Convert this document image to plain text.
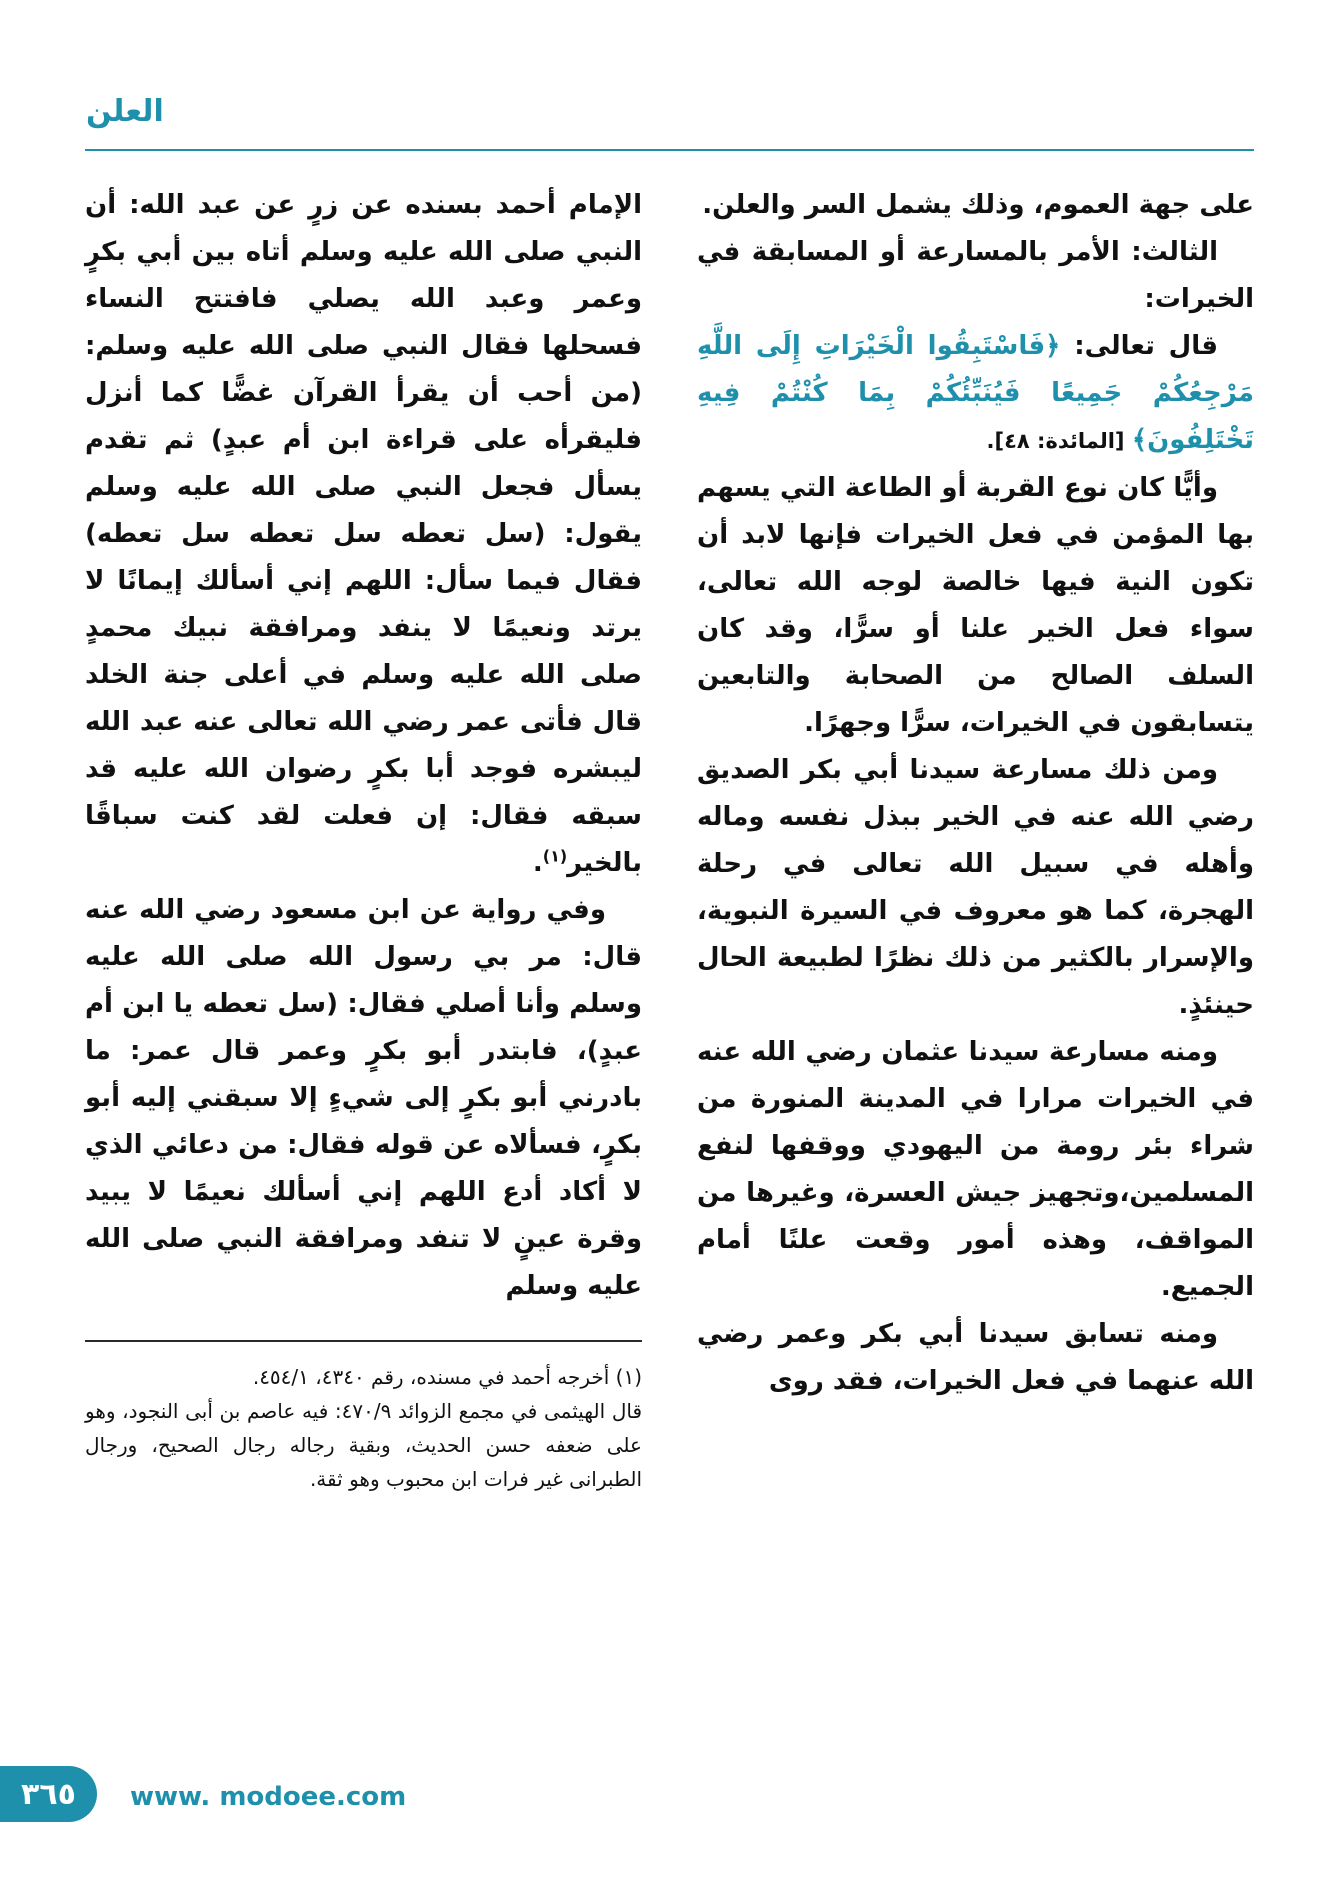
العلن

على جهة العموم، وذلك يشمل السر والعلن.

الثالث: الأمر بالمسارعة أو المسابقة في الخيرات:

قال تعالى: ﴿فَاسْتَبِقُوا الْخَيْرَاتِ إِلَى اللَّهِ مَرْجِعُكُمْ جَمِيعًا فَيُنَبِّئُكُمْ بِمَا كُنْتُمْ فِيهِ تَخْتَلِفُونَ﴾ [المائدة: ٤٨].

وأيًّا كان نوع القربة أو الطاعة التي يسهم بها المؤمن في فعل الخيرات فإنها لابد أن تكون النية فيها خالصة لوجه الله تعالى، سواء فعل الخير علنا أو سرًّا، وقد كان السلف الصالح من الصحابة والتابعين يتسابقون في الخيرات، سرًّا وجهرًا.

ومن ذلك مسارعة سيدنا أبي بكر الصديق رضي الله عنه في الخير ببذل نفسه وماله وأهله في سبيل الله تعالى في رحلة الهجرة، كما هو معروف في السيرة النبوية، والإسرار بالكثير من ذلك نظرًا لطبيعة الحال حينئذٍ.

ومنه مسارعة سيدنا عثمان رضي الله عنه في الخيرات مرارا في المدينة المنورة من شراء بئر رومة من اليهودي ووقفها لنفع المسلمين،وتجهيز جيش العسرة، وغيرها من المواقف، وهذه أمور وقعت علنًا أمام الجميع.

ومنه تسابق سيدنا أبي بكر وعمر رضي الله عنهما في فعل الخيرات، فقد روى

الإمام أحمد بسنده عن زرٍ عن عبد الله: أن النبي صلى الله عليه وسلم أتاه بين أبي بكرٍ وعمر وعبد الله يصلي فافتتح النساء فسحلها فقال النبي صلى الله عليه وسلم: (من أحب أن يقرأ القرآن غضًّا كما أنزل فليقرأه على قراءة ابن أم عبدٍ) ثم تقدم يسأل فجعل النبي صلى الله عليه وسلم يقول: (سل تعطه سل تعطه سل تعطه) فقال فيما سأل: اللهم إني أسألك إيمانًا لا يرتد ونعيمًا لا ينفد ومرافقة نبيك محمدٍ صلى الله عليه وسلم في أعلى جنة الخلد قال فأتى عمر رضي الله تعالى عنه عبد الله ليبشره فوجد أبا بكرٍ رضوان الله عليه قد سبقه فقال: إن فعلت لقد كنت سباقًا بالخير$^{(١)}$.

وفي رواية عن ابن مسعود رضي الله عنه قال: مر بي رسول الله صلى الله عليه وسلم وأنا أصلي فقال: (سل تعطه يا ابن أم عبدٍ)، فابتدر أبو بكرٍ وعمر قال عمر: ما بادرني أبو بكرٍ إلى شيءٍ إلا سبقني إليه أبو بكرٍ، فسألاه عن قوله فقال: من دعائي الذي لا أكاد أدع اللهم إني أسألك نعيمًا لا يبيد وقرة عينٍ لا تنفد ومرافقة النبي صلى الله عليه وسلم

(١) أخرجه أحمد في مسنده، رقم ٤٣٤٠، ٤٥٤/١.

قال الهيثمى في مجمع الزوائد ٤٧٠/٩: فيه عاصم بن أبى النجود، وهو على ضعفه حسن الحديث، وبقية رجاله رجال الصحيح، ورجال الطبرانى غير فرات ابن محبوب وهو ثقة.

٣٦٥ www. modoee.com
